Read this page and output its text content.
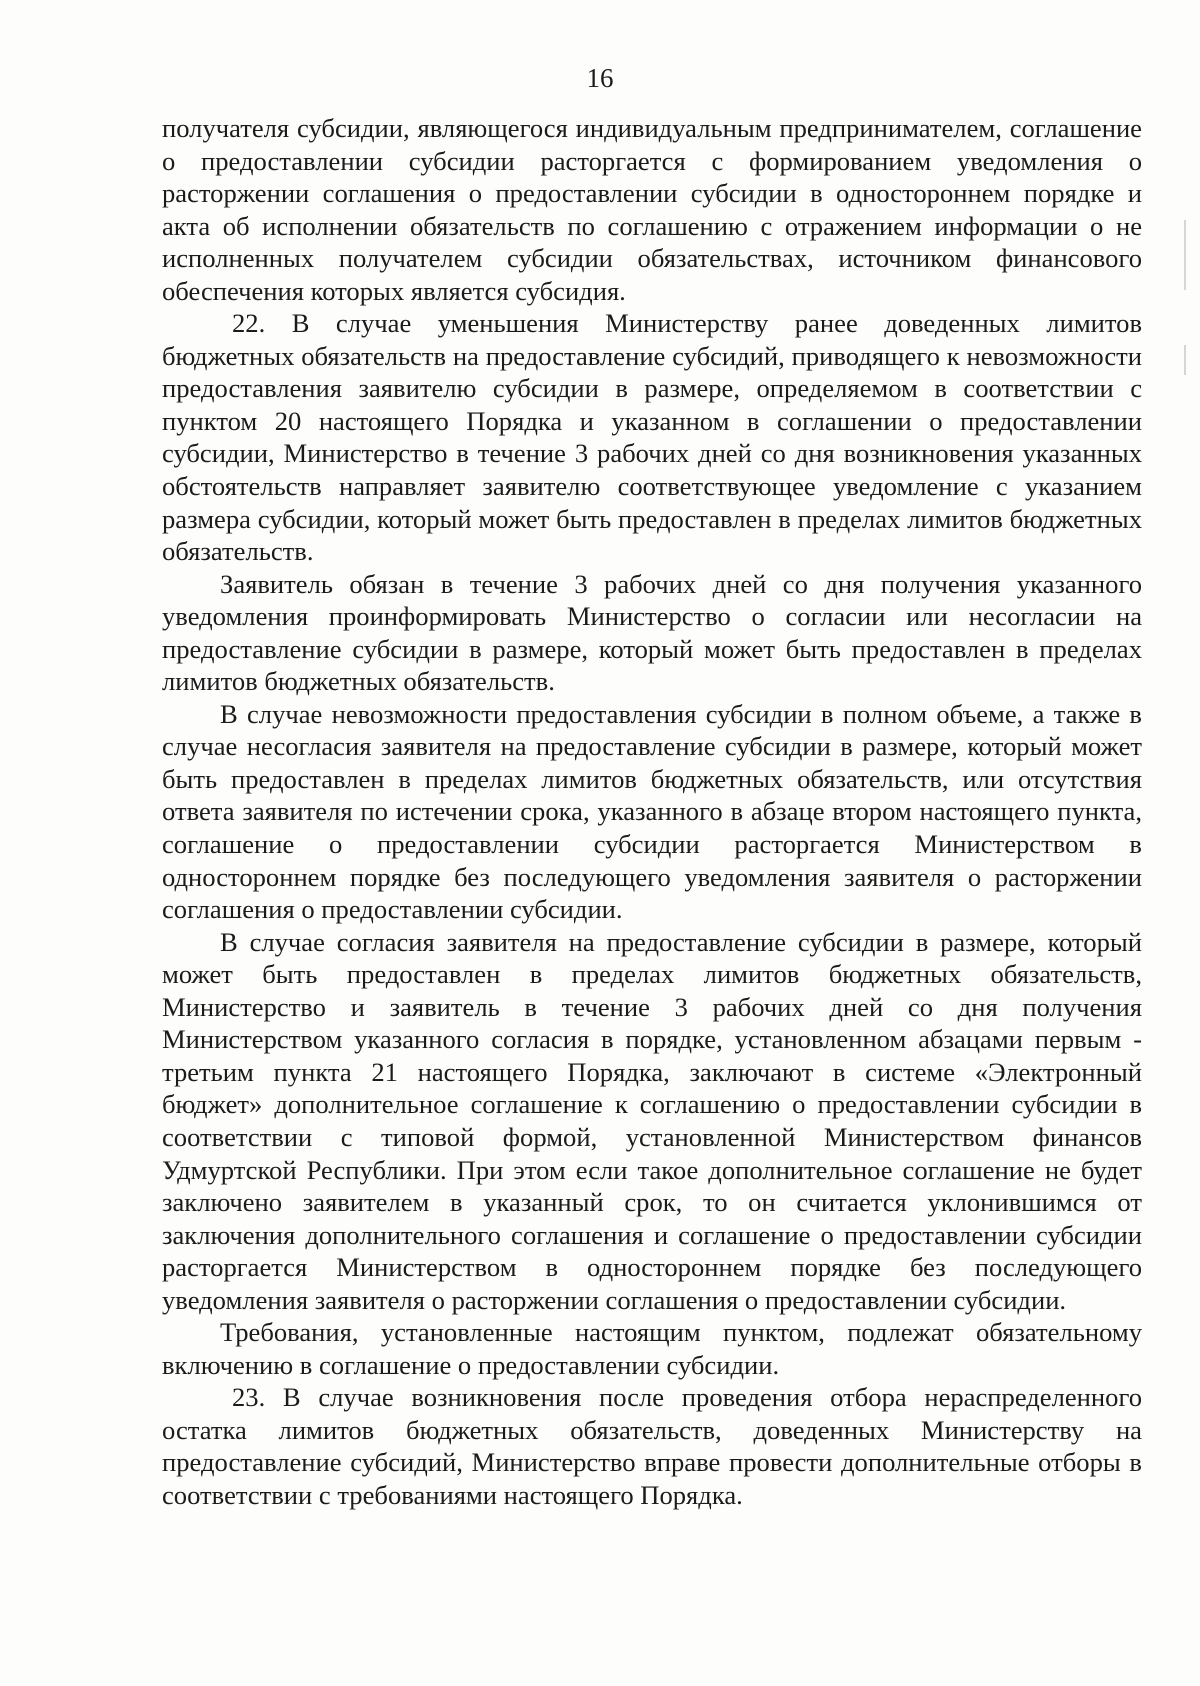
16

получателя субсидии, являющегося индивидуальным предпринимателем, соглашение о предоставлении субсидии расторгается с формированием уведомления о расторжении соглашения о предоставлении субсидии в одностороннем порядке и акта об исполнении обязательств по соглашению с отражением информации о не исполненных получателем субсидии обязательствах, источником финансового обеспечения которых является субсидия.

22. В случае уменьшения Министерству ранее доведенных лимитов бюджетных обязательств на предоставление субсидий, приводящего к невозможности предоставления заявителю субсидии в размере, определяемом в соответствии с пунктом 20 настоящего Порядка и указанном в соглашении о предоставлении субсидии, Министерство в течение 3 рабочих дней со дня возникновения указанных обстоятельств направляет заявителю соответствующее уведомление с указанием размера субсидии, который может быть предоставлен в пределах лимитов бюджетных обязательств.

Заявитель обязан в течение 3 рабочих дней со дня получения указанного уведомления проинформировать Министерство о согласии или несогласии на предоставление субсидии в размере, который может быть предоставлен в пределах лимитов бюджетных обязательств.

В случае невозможности предоставления субсидии в полном объеме, а также в случае несогласия заявителя на предоставление субсидии в размере, который может быть предоставлен в пределах лимитов бюджетных обязательств, или отсутствия ответа заявителя по истечении срока, указанного в абзаце втором настоящего пункта, соглашение о предоставлении субсидии расторгается Министерством в одностороннем порядке без последующего уведомления заявителя о расторжении соглашения о предоставлении субсидии.

В случае согласия заявителя на предоставление субсидии в размере, который может быть предоставлен в пределах лимитов бюджетных обязательств, Министерство и заявитель в течение 3 рабочих дней со дня получения Министерством указанного согласия в порядке, установленном абзацами первым - третьим пункта 21 настоящего Порядка, заключают в системе «Электронный бюджет» дополнительное соглашение к соглашению о предоставлении субсидии в соответствии с типовой формой, установленной Министерством финансов Удмуртской Республики. При этом если такое дополнительное соглашение не будет заключено заявителем в указанный срок, то он считается уклонившимся от заключения дополнительного соглашения и соглашение о предоставлении субсидии расторгается Министерством в одностороннем порядке без последующего уведомления заявителя о расторжении соглашения о предоставлении субсидии.

Требования, установленные настоящим пунктом, подлежат обязательному включению в соглашение о предоставлении субсидии.

23. В случае возникновения после проведения отбора нераспределенного остатка лимитов бюджетных обязательств, доведенных Министерству на предоставление субсидий, Министерство вправе провести дополнительные отборы в соответствии с требованиями настоящего Порядка.
